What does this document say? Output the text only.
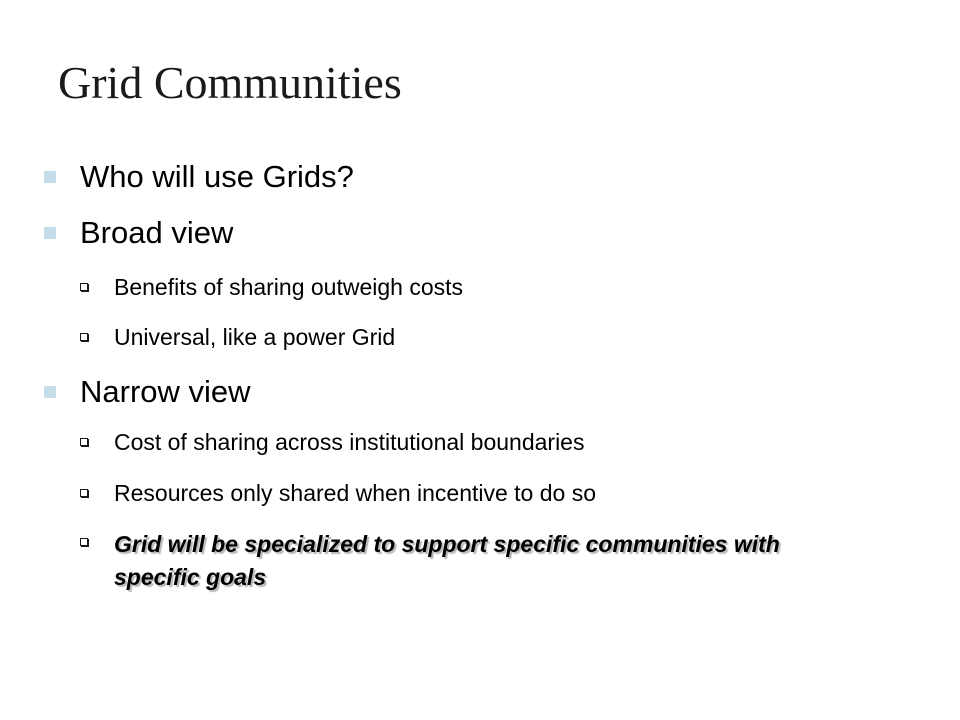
Grid Communities
Who will use Grids?
Broad view
Benefits of sharing outweigh costs
Universal, like a power Grid
Narrow view
Cost of sharing across institutional boundaries
Resources only shared when incentive to do so
Grid will be specialized to support specific communities with specific goals
